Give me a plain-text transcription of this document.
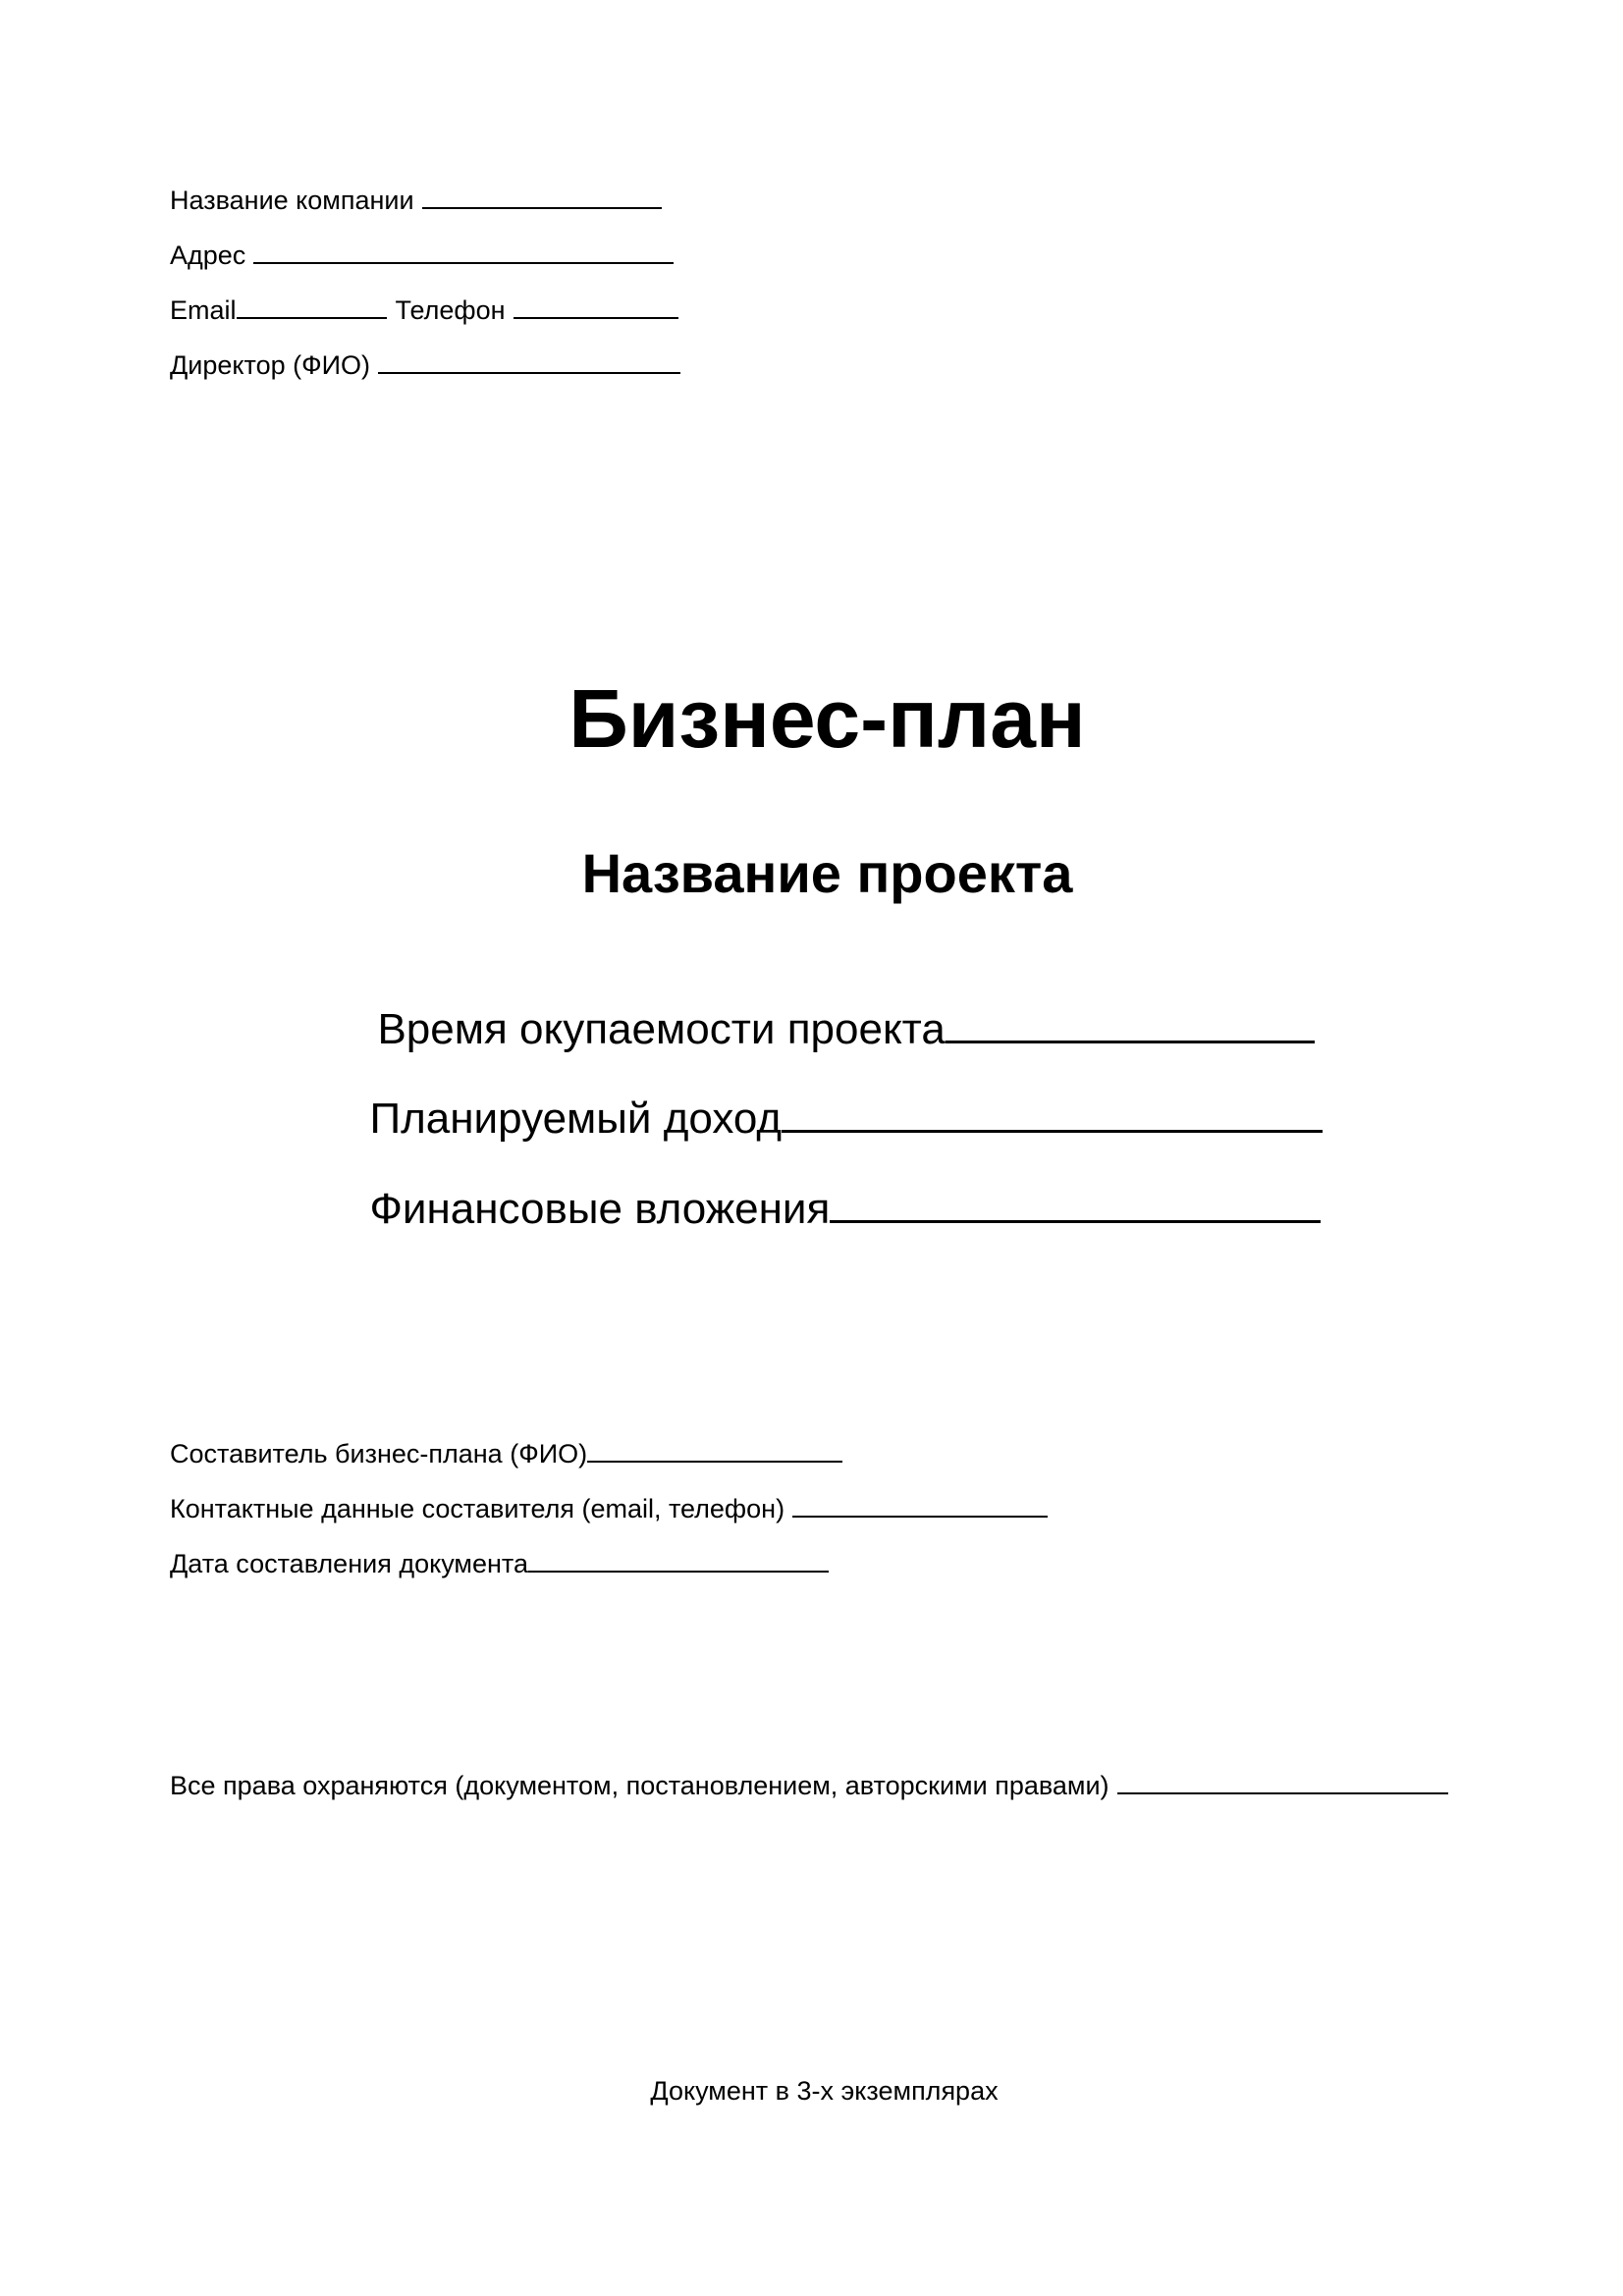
Название компании

Адрес

Email	Телефон

Директор (ФИО)

Бизнес-план
Название проекта

Время окупаемости проекта

Планируемый доход

Финансовые вложения

Составитель бизнес-плана (ФИО)

Контактные данные составителя (email, телефон)

Дата составления документа

Все права охраняются (документом, постановлением, авторскими правами)

Документ в 3-х экземплярах
